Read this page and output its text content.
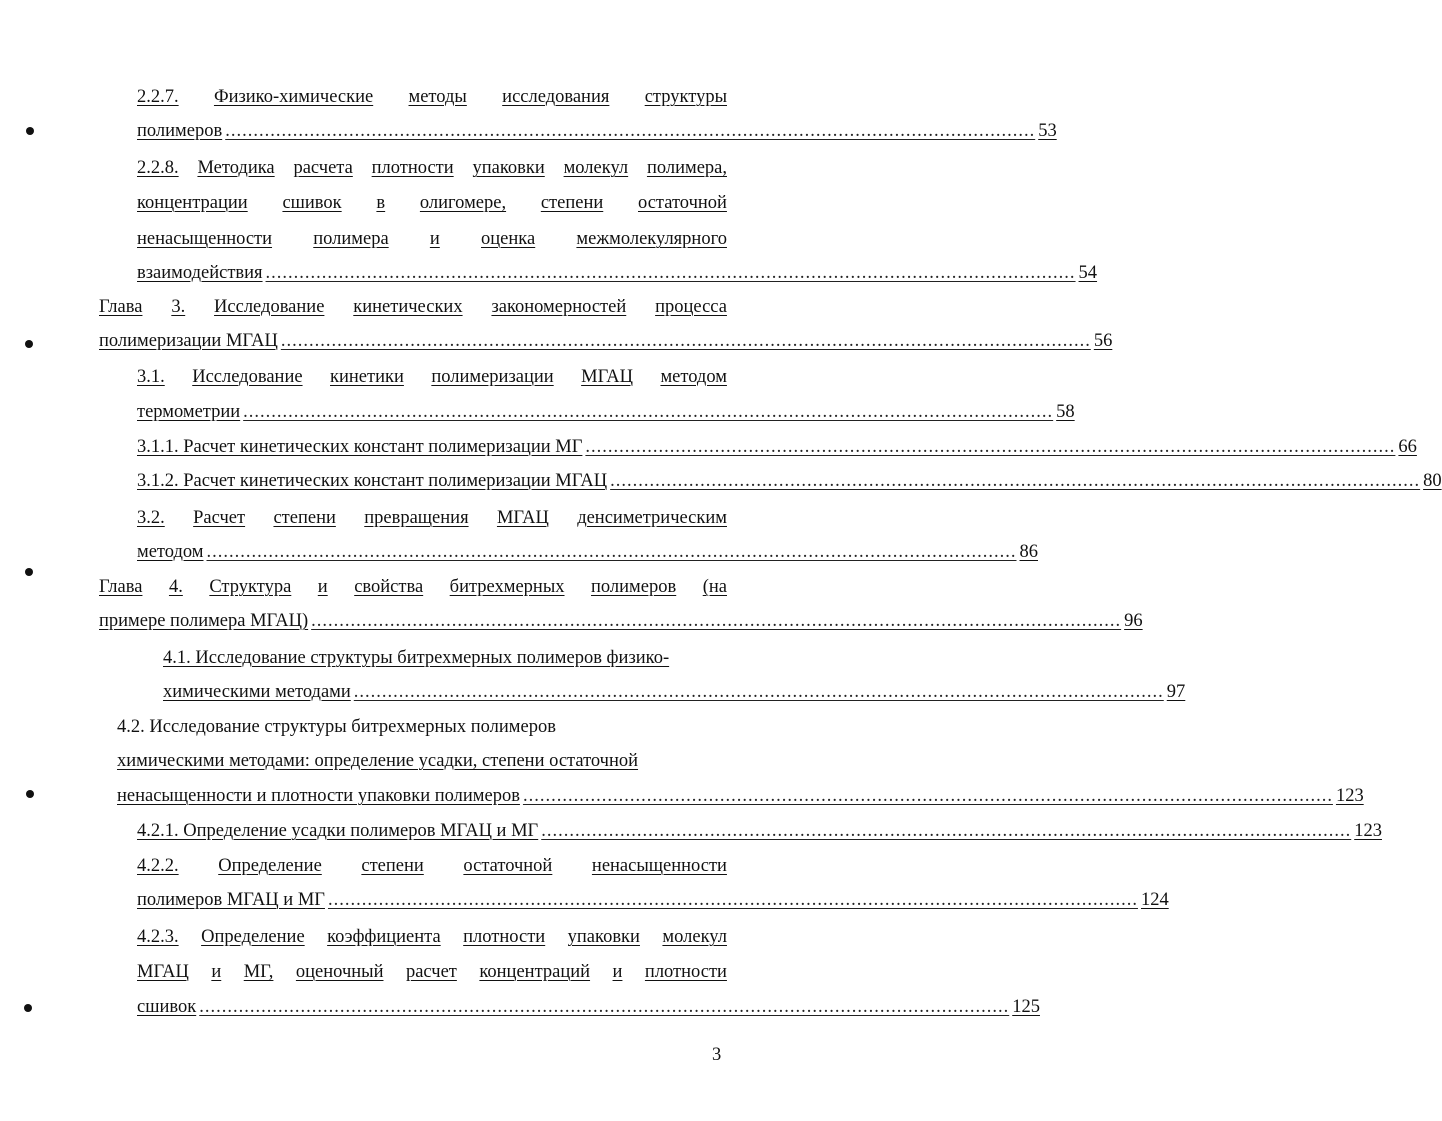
2.2.7. Физико-химические методы исследования структуры
полимеров ................................................................................................................................................ 53
2.2.8. Методика расчета плотности упаковки молекул полимера,
концентрации сшивок в олигомере, степени остаточной
ненасыщенности полимера и оценка межмолекулярного
взаимодействия ................................................................................................................................................ 54
Глава 3. Исследование кинетических закономерностей процесса
полимеризации МГАЦ ................................................................................................................................................ 56
3.1. Исследование кинетики полимеризации МГАЦ методом
термометрии ................................................................................................................................................ 58
3.1.1. Расчет кинетических констант полимеризации МГ ................................................................................................................................................ 66
3.1.2. Расчет кинетических констант полимеризации МГАЦ ................................................................................................................................................ 80
3.2. Расчет степени превращения МГАЦ денсиметрическим
методом ................................................................................................................................................ 86
Глава 4. Структура и свойства битрехмерных полимеров (на
примере полимера МГАЦ) ................................................................................................................................................ 96
4.1. Исследование структуры битрехмерных полимеров физико-
химическими методами ................................................................................................................................................ 97
4.2. Исследование структуры битрехмерных полимеров
химическими методами: определение усадки, степени остаточной
ненасыщенности и плотности упаковки полимеров ................................................................................................................................................ 123
4.2.1. Определение усадки полимеров МГАЦ и МГ ................................................................................................................................................ 123
4.2.2. Определение степени остаточной ненасыщенности
полимеров МГАЦ и МГ ................................................................................................................................................ 124
4.2.3. Определение коэффициента плотности упаковки молекул
МГАЦ и МГ, оценочный расчет концентраций и плотности
сшивок ................................................................................................................................................ 125
3
